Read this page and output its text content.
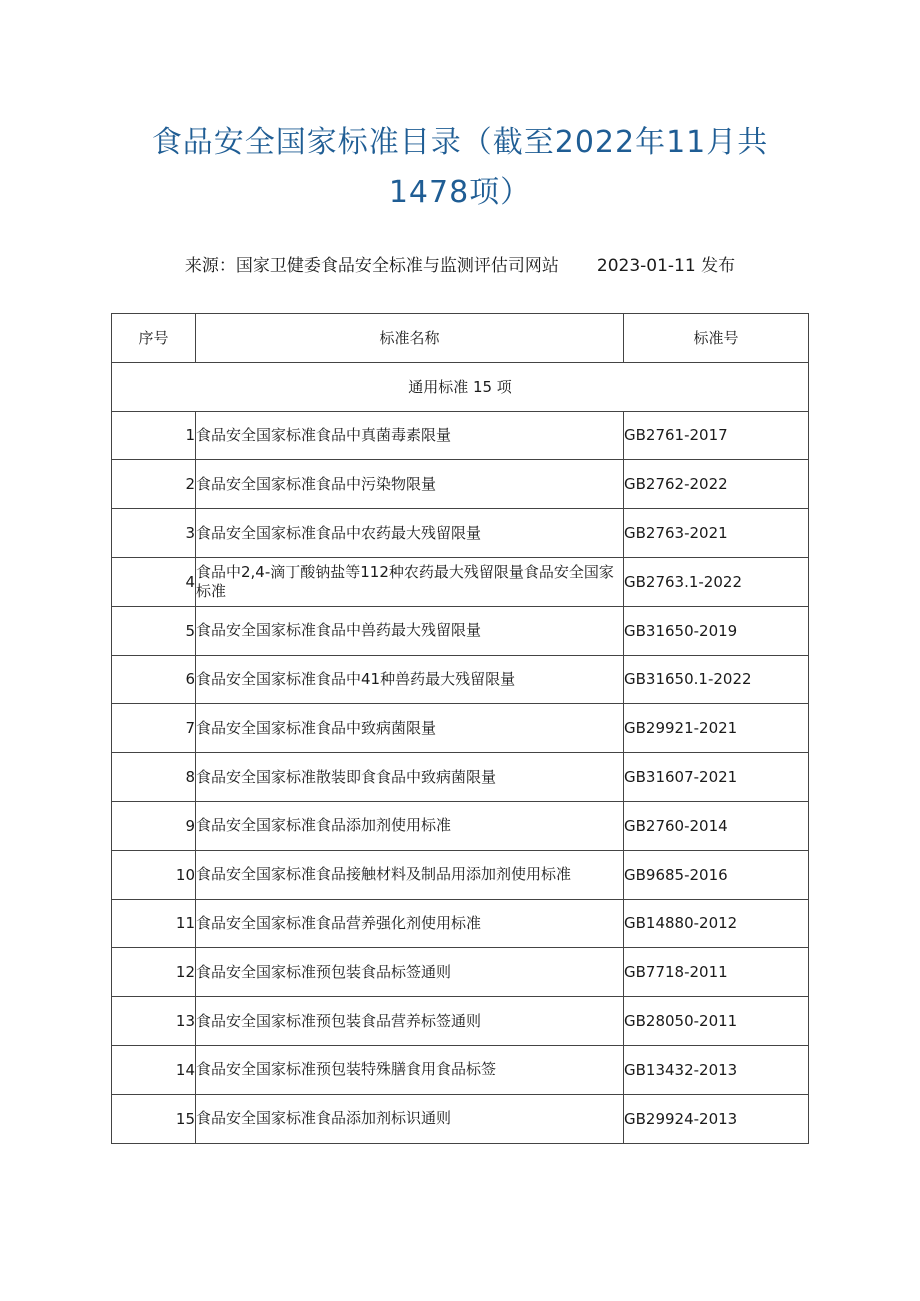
食品安全国家标准目录（截至2022年11月共1478项）
来源：国家卫健委食品安全标准与监测评估司网站 2023-01-11 发布
序号	标准名称	标准号
通用标准 15 项		
1	食品安全国家标准食品中真菌毒素限量	GB2761-2017
2	食品安全国家标准食品中污染物限量	GB2762-2022
3	食品安全国家标准食品中农药最大残留限量	GB2763-2021
4	食品中2,4-滴丁酸钠盐等112种农药最大残留限量食品安全国家标准	GB2763.1-2022
5	食品安全国家标准食品中兽药最大残留限量	GB31650-2019
6	食品安全国家标准食品中41种兽药最大残留限量	GB31650.1-2022
7	食品安全国家标准食品中致病菌限量	GB29921-2021
8	食品安全国家标准散装即食食品中致病菌限量	GB31607-2021
9	食品安全国家标准食品添加剂使用标准	GB2760-2014
10	食品安全国家标准食品接触材料及制品用添加剂使用标准	GB9685-2016
11	食品安全国家标准食品营养强化剂使用标准	GB14880-2012
12	食品安全国家标准预包装食品标签通则	GB7718-2011
13	食品安全国家标准预包装食品营养标签通则	GB28050-2011
14	食品安全国家标准预包装特殊膳食用食品标签	GB13432-2013
15	食品安全国家标准食品添加剂标识通则	GB29924-2013
